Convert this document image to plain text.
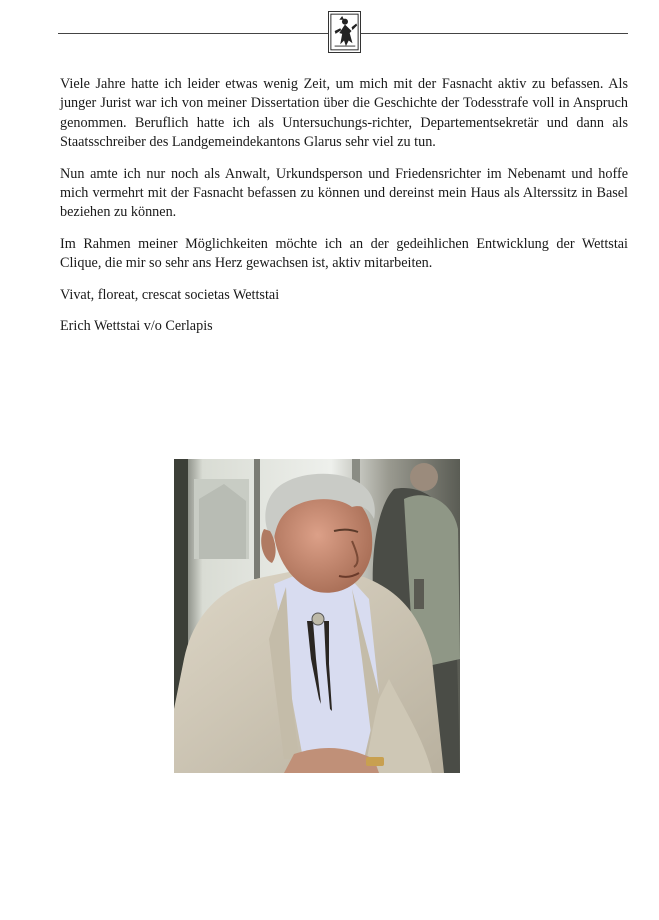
Viele Jahre hatte ich leider etwas wenig Zeit, um mich mit der Fasnacht aktiv zu befassen. Als junger Jurist war ich von meiner Dissertation über die Geschichte der Todesstrafe voll in Anspruch genommen. Beruflich hatte ich als Untersuchungs-richter, Departementsekretär und dann als Staatsschreiber des Landgemeindekantons Glarus sehr viel zu tun.

Nun amte ich nur noch als Anwalt, Urkundsperson und Friedensrichter im Nebenamt und hoffe mich vermehrt mit der Fasnacht befassen zu können und dereinst mein Haus als Alterssitz in Basel beziehen zu können.

Im Rahmen meiner Möglichkeiten möchte ich an der gedeihlichen Entwicklung der Wettstai Clique, die mir so sehr ans Herz gewachsen ist, aktiv mitarbeiten.

Vivat, floreat, crescat societas Wettstai

Erich Wettstai v/o Cerlapis
